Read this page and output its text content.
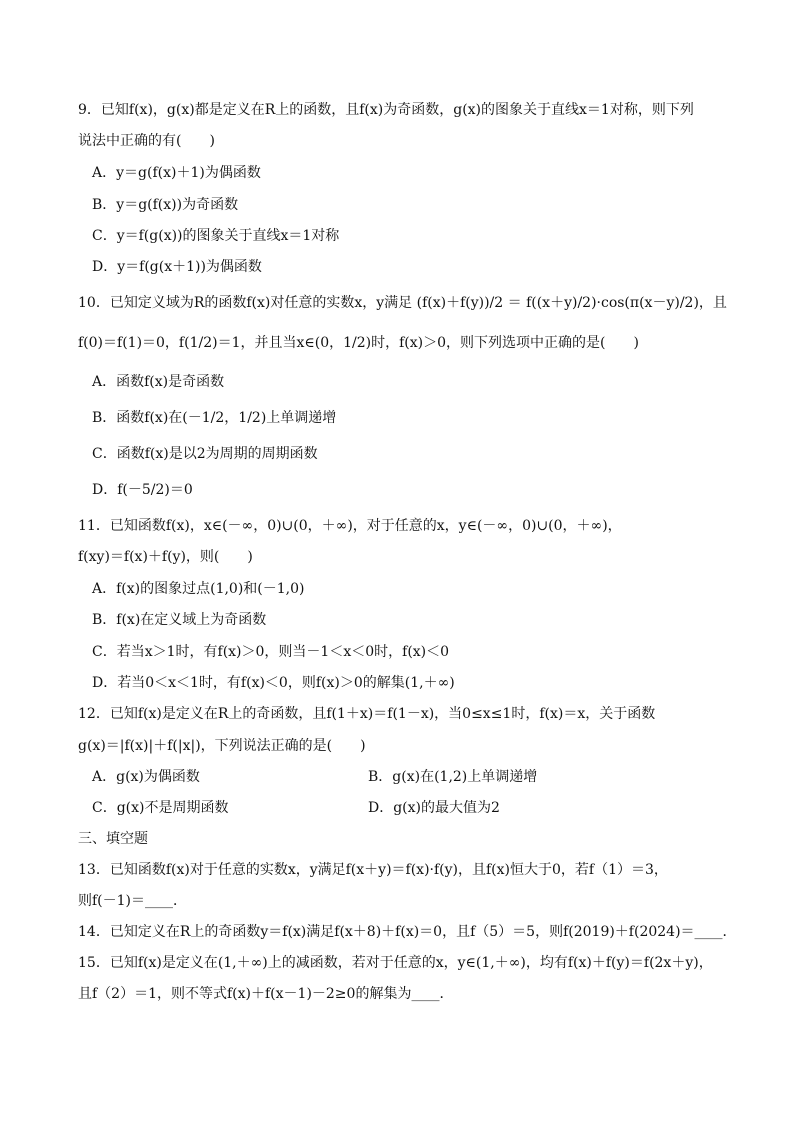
9．已知f(x)，g(x)都是定义在R上的函数，且f(x)为奇函数，g(x)的图象关于直线x＝1对称，则下列
说法中正确的有(　　)
A．y＝g(f(x)＋1)为偶函数
B．y＝g(f(x))为奇函数
C．y＝f(g(x))的图象关于直线x＝1对称
D．y＝f(g(x＋1))为偶函数
10．已知定义域为R的函数f(x)对任意的实数x，y满足 (f(x)＋f(y))/2 ＝ f((x＋y)/2)·cos(π(x－y)/2)，且
f(0)＝f(1)＝0，f(1/2)＝1，并且当x∈(0，1/2)时，f(x)＞0，则下列选项中正确的是(　　)
A．函数f(x)是奇函数
B．函数f(x)在(－1/2，1/2)上单调递增
C．函数f(x)是以2为周期的周期函数
D．f(－5/2)＝0
11．已知函数f(x)，x∈(－∞，0)∪(0，＋∞)，对于任意的x，y∈(－∞，0)∪(0，＋∞)，
f(xy)＝f(x)＋f(y)，则(　　)
A．f(x)的图象过点(1,0)和(－1,0)
B．f(x)在定义域上为奇函数
C．若当x＞1时，有f(x)＞0，则当－1＜x＜0时，f(x)＜0
D．若当0＜x＜1时，有f(x)＜0，则f(x)＞0的解集(1,＋∞)
12．已知f(x)是定义在R上的奇函数，且f(1＋x)＝f(1－x)，当0≤x≤1时，f(x)＝x，关于函数
g(x)＝|f(x)|＋f(|x|)，下列说法正确的是(　　)
A．g(x)为偶函数	B．g(x)在(1,2)上单调递增
C．g(x)不是周期函数	D．g(x)的最大值为2
三、填空题
13．已知函数f(x)对于任意的实数x，y满足f(x＋y)＝f(x)·f(y)，且f(x)恒大于0，若f（1）＝3，
则f(－1)＝____．
14．已知定义在R上的奇函数y＝f(x)满足f(x＋8)＋f(x)＝0，且f（5）＝5，则f(2019)＋f(2024)＝____．
15．已知f(x)是定义在(1,＋∞)上的减函数，若对于任意的x，y∈(1,＋∞)，均有f(x)＋f(y)＝f(2x＋y)，
且f（2）＝1，则不等式f(x)＋f(x－1)－2≥0的解集为____．
